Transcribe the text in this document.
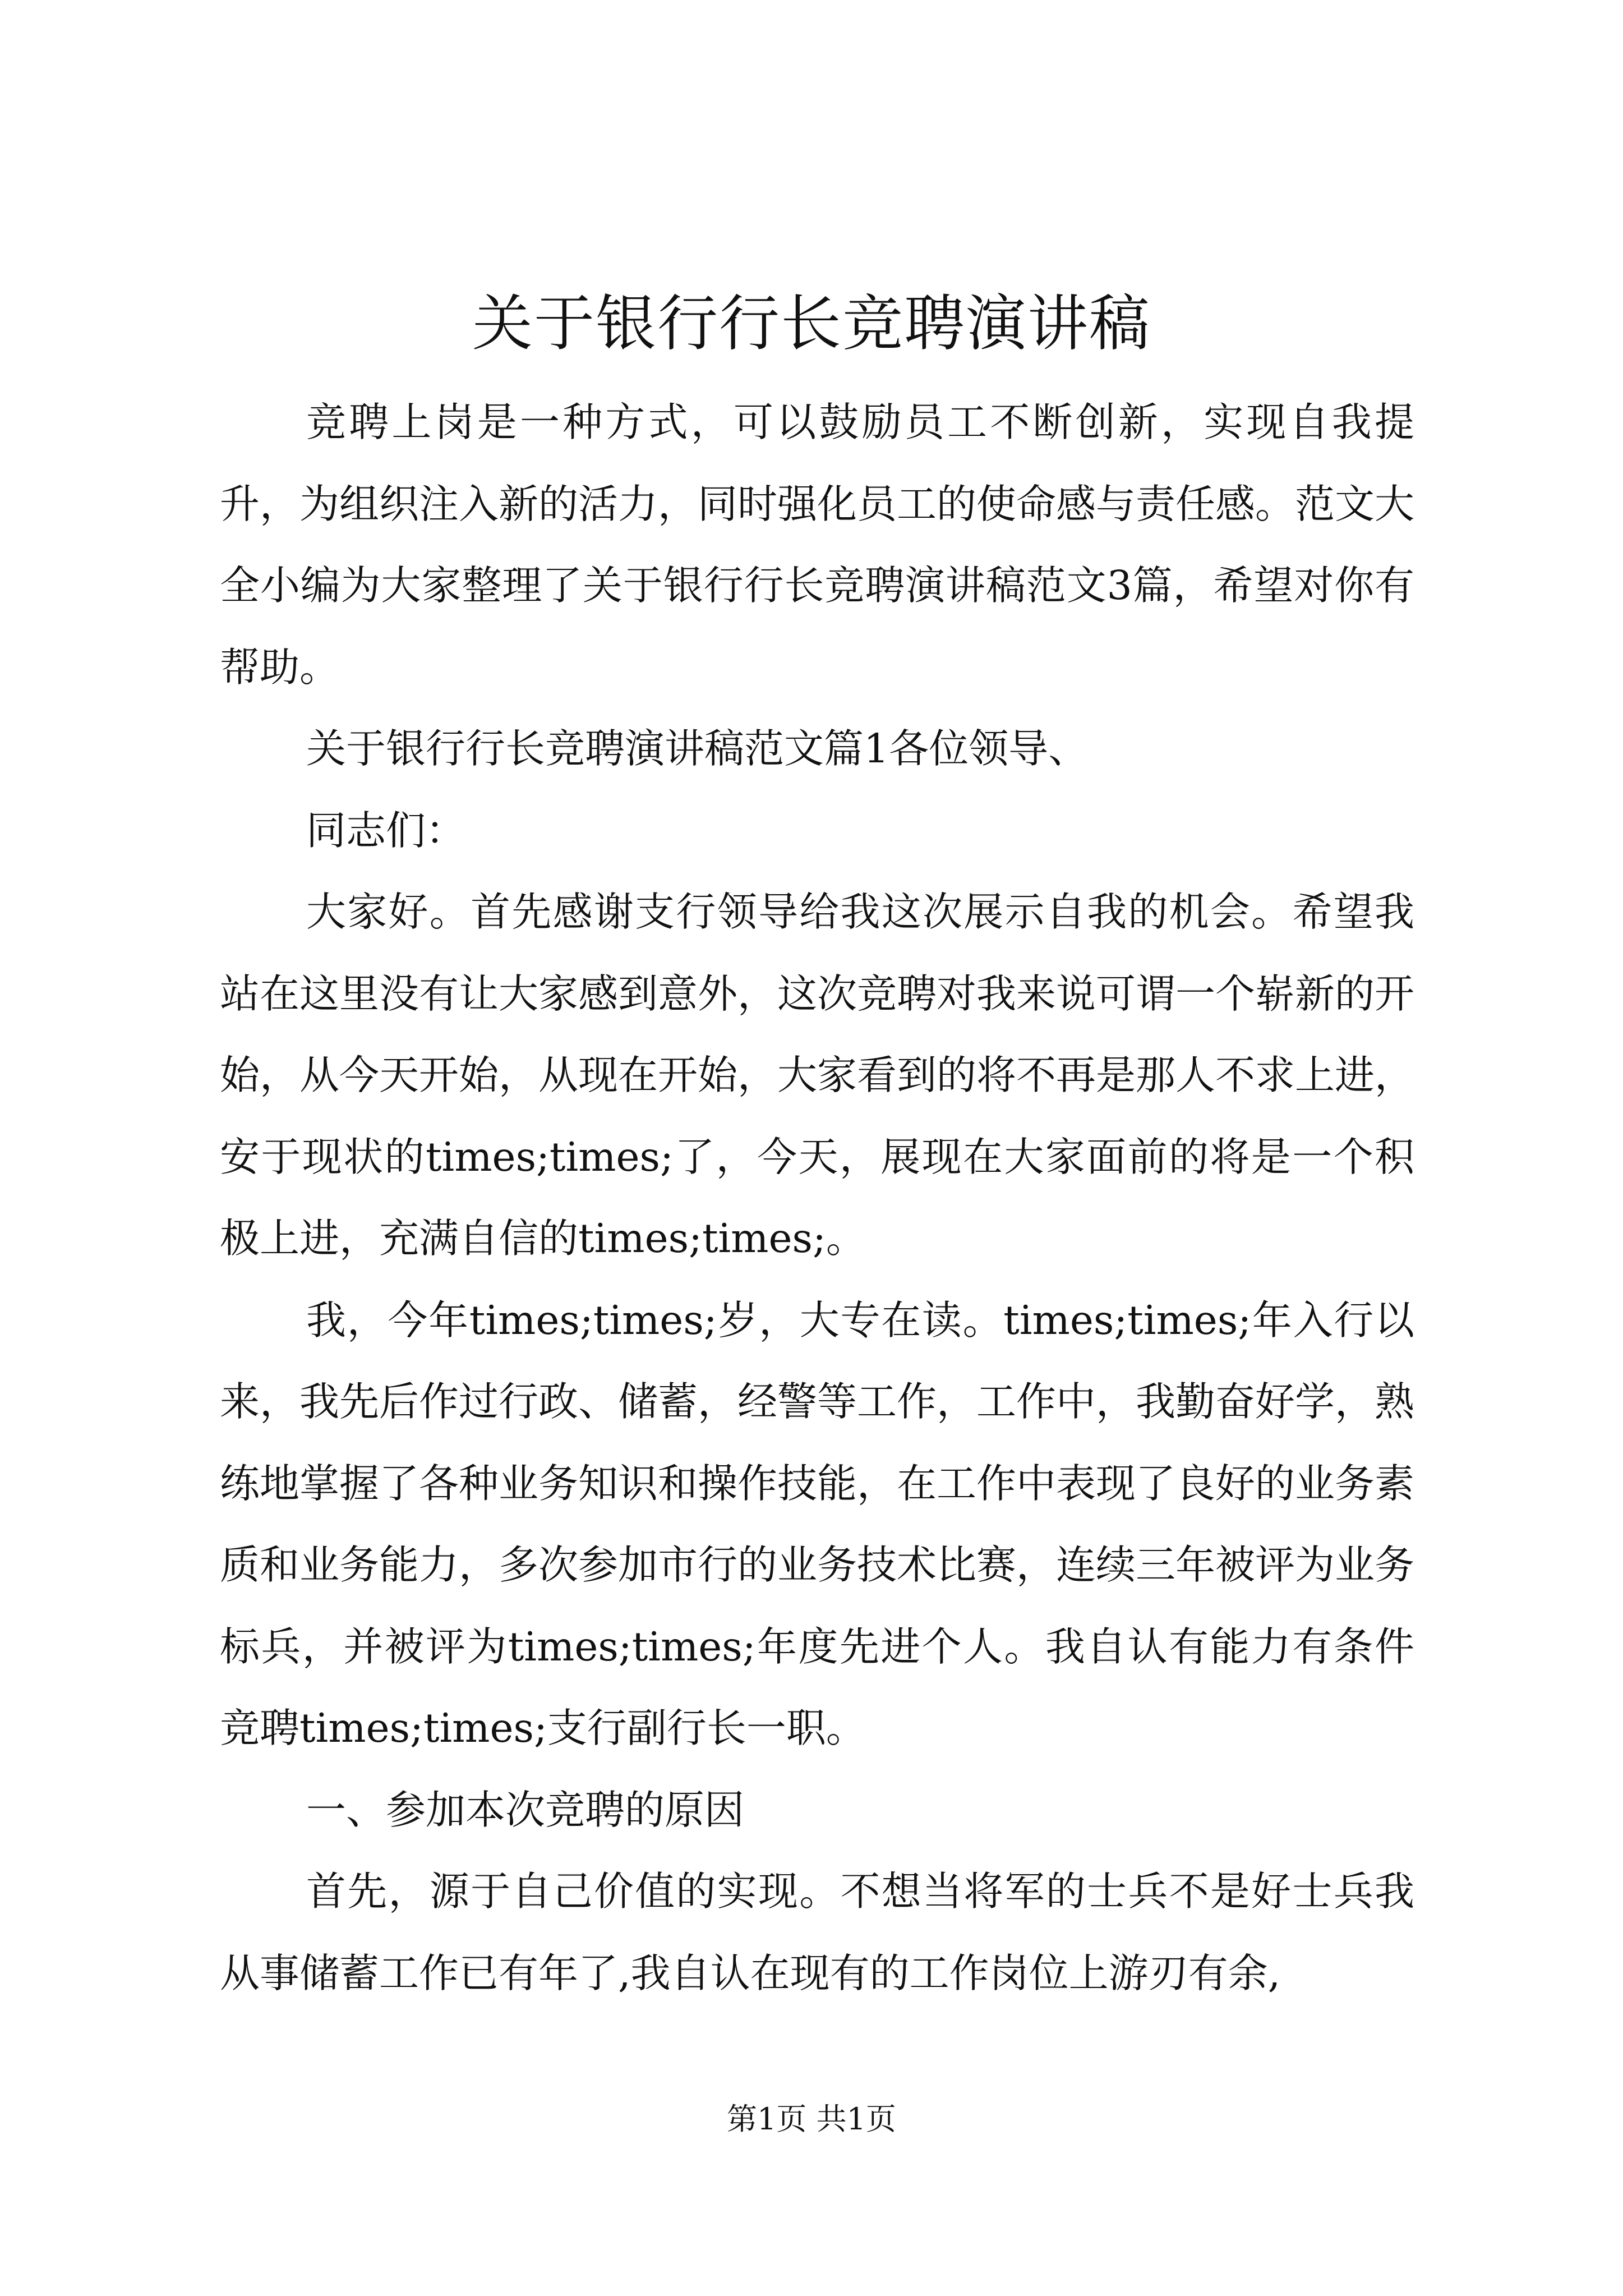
关于银行行长竞聘演讲稿

竞聘上岗是一种方式，可以鼓励员工不断创新，实现自我提升，为组织注入新的活力，同时强化员工的使命感与责任感。范文大全小编为大家整理了关于银行行长竞聘演讲稿范文3篇，希望对你有帮助。

关于银行行长竞聘演讲稿范文篇1各位领导、

同志们：

大家好。首先感谢支行领导给我这次展示自我的机会。希望我站在这里没有让大家感到意外，这次竞聘对我来说可谓一个崭新的开始，从今天开始，从现在开始，大家看到的将不再是那人不求上进，安于现状的times;times;了，今天，展现在大家面前的将是一个积极上进，充满自信的times;times;。

我，今年times;times;岁，大专在读。times;times;年入行以来，我先后作过行政、储蓄，经警等工作，工作中，我勤奋好学，熟练地掌握了各种业务知识和操作技能，在工作中表现了良好的业务素质和业务能力，多次参加市行的业务技术比赛，连续三年被评为业务标兵，并被评为times;times;年度先进个人。我自认有能力有条件竞聘times;times;支行副行长一职。

一、参加本次竞聘的原因

首先，源于自己价值的实现。不想当将军的士兵不是好士兵我从事储蓄工作已有年了,我自认在现有的工作岗位上游刃有余,

第1页 共1页
